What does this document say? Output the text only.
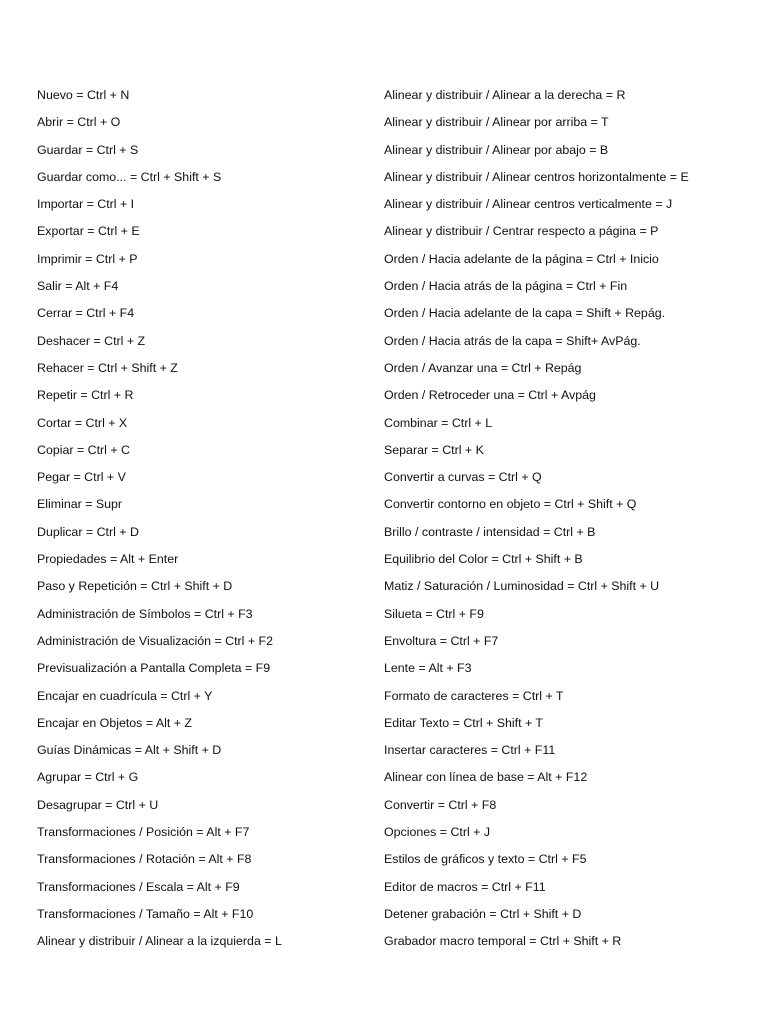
Nuevo = Ctrl + N
Abrir = Ctrl + O
Guardar = Ctrl + S
Guardar como... = Ctrl + Shift + S
Importar = Ctrl + I
Exportar = Ctrl + E
Imprimir = Ctrl + P
Salir = Alt + F4
Cerrar = Ctrl + F4
Deshacer = Ctrl + Z
Rehacer = Ctrl + Shift + Z
Repetir = Ctrl + R
Cortar = Ctrl + X
Copiar = Ctrl + C
Pegar = Ctrl + V
Eliminar = Supr
Duplicar = Ctrl + D
Propiedades = Alt + Enter
Paso y Repetición = Ctrl + Shift + D
Administración de Símbolos = Ctrl + F3
Administración de Visualización = Ctrl + F2
Previsualización a Pantalla Completa = F9
Encajar en cuadrícula = Ctrl + Y
Encajar en Objetos = Alt + Z
Guías Dinámicas = Alt + Shift + D
Agrupar = Ctrl + G
Desagrupar = Ctrl + U
Transformaciones / Posición = Alt + F7
Transformaciones / Rotación = Alt + F8
Transformaciones / Escala = Alt + F9
Transformaciones / Tamaño = Alt + F10
Alinear y distribuir / Alinear a la izquierda = L
Alinear y distribuir / Alinear a la derecha = R
Alinear y distribuir / Alinear por arriba = T
Alinear y distribuir / Alinear por abajo = B
Alinear y distribuir / Alinear centros horizontalmente = E
Alinear y distribuir / Alinear centros verticalmente = J
Alinear y distribuir / Centrar respecto a página = P
Orden / Hacia adelante de la página = Ctrl + Inicio
Orden / Hacia atrás de la página = Ctrl + Fin
Orden / Hacia adelante de la capa = Shift + Repág.
Orden / Hacia atrás de la capa = Shift+ AvPág.
Orden / Avanzar una = Ctrl + Repág
Orden / Retroceder una = Ctrl + Avpág
Combinar = Ctrl + L
Separar = Ctrl + K
Convertir a curvas = Ctrl + Q
Convertir contorno en objeto = Ctrl + Shift + Q
Brillo / contraste / intensidad = Ctrl + B
Equilibrio del Color = Ctrl + Shift + B
Matiz / Saturación / Luminosidad = Ctrl + Shift + U
Silueta = Ctrl + F9
Envoltura = Ctrl + F7
Lente = Alt + F3
Formato de caracteres = Ctrl + T
Editar Texto = Ctrl + Shift + T
Insertar caracteres = Ctrl + F11
Alinear con línea de base = Alt + F12
Convertir = Ctrl + F8
Opciones = Ctrl + J
Estilos de gráficos y texto = Ctrl + F5
Editor de macros = Ctrl + F11
Detener grabación = Ctrl + Shift + D
Grabador macro temporal = Ctrl + Shift + R
